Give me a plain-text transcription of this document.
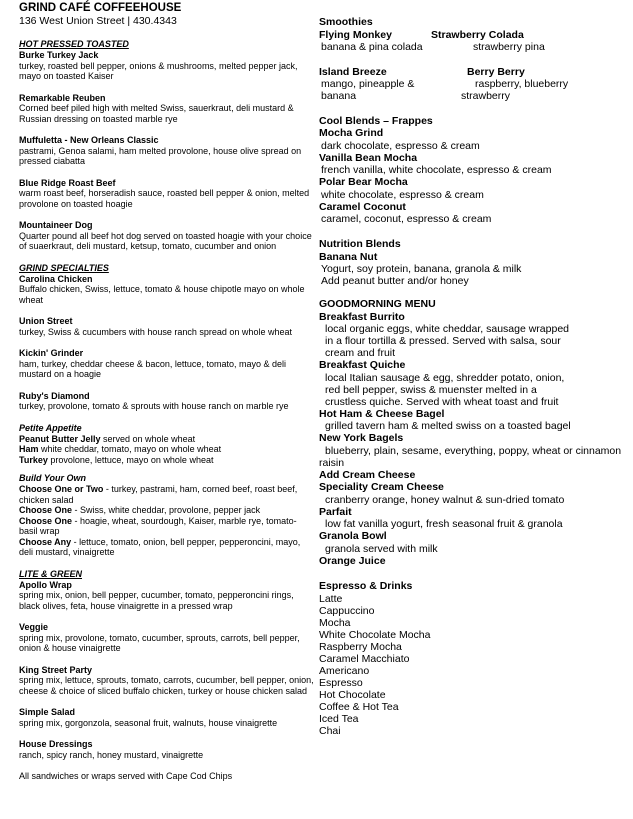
GRIND CAFÉ COFFEEHOUSE
136 West Union Street | 430.4343
HOT PRESSED TOASTED
Burke Turkey Jack
turkey, roasted bell pepper, onions & mushrooms, melted pepper jack, mayo on toasted Kaiser
Remarkable Reuben
Corned beef piled high with melted Swiss, sauerkraut, deli mustard & Russian dressing on toasted marble rye
Muffuletta - New Orleans Classic
pastrami, Genoa salami, ham melted provolone, house olive spread on pressed ciabatta
Blue Ridge Roast Beef
warm roast beef, horseradish sauce, roasted bell pepper & onion, melted provolone on toasted hoagie
Mountaineer Dog
Quarter pound all beef hot dog served on toasted hoagie with your choice of suaerkraut, deli mustard, ketsup, tomato, cucumber and onion
GRIND SPECIALTIES
Carolina Chicken
Buffalo chicken, Swiss, lettuce, tomato & house chipotle mayo on whole wheat
Union Street
turkey, Swiss & cucumbers with house ranch spread on whole wheat
Kickin' Grinder
ham, turkey, cheddar cheese & bacon, lettuce, tomato, mayo & deli mustard on a hoagie
Ruby's Diamond
turkey, provolone, tomato & sprouts with house ranch on marble rye
Petite Appetite
Peanut Butter Jelly served on whole wheat
Ham white cheddar, tomato, mayo on whole wheat
Turkey provolone, lettuce, mayo on whole wheat
Build Your Own
Choose One or Two - turkey, pastrami, ham, corned beef, roast beef, chicken salad
Choose One - Swiss, white cheddar, provolone, pepper jack
Choose One - hoagie, wheat, sourdough, Kaiser, marble rye, tomato-basil wrap
Choose Any - lettuce, tomato, onion, bell pepper, pepperoncini, mayo, deli mustard, vinaigrette
LITE & GREEN
Apollo Wrap
spring mix, onion, bell pepper, cucumber, tomato, pepperoncini rings, black olives, feta, house vinaigrette in a pressed wrap
Veggie
spring mix, provolone, tomato, cucumber, sprouts, carrots, bell pepper, onion & house vinaigrette
King Street Party
spring mix, lettuce, sprouts, tomato, carrots, cucumber, bell pepper, onion, cheese & choice of sliced buffalo chicken, turkey or house chicken salad
Simple Salad
spring mix, gorgonzola, seasonal fruit, walnuts, house vinaigrette
House Dressings
ranch, spicy ranch, honey mustard, vinaigrette
All sandwiches or wraps served with Cape Cod Chips
Smoothies
Flying Monkey
banana & pina colada
Strawberry Colada
strawberry pina
Island Breeze
mango, pineapple &
banana
Berry Berry
raspberry, blueberry
strawberry
Cool Blends – Frappes
Mocha Grind
dark chocolate, espresso & cream
Vanilla Bean Mocha
french vanilla, white chocolate, espresso & cream
Polar Bear Mocha
white chocolate, espresso & cream
Caramel Coconut
caramel, coconut, espresso & cream
Nutrition Blends
Banana Nut
Yogurt, soy protein, banana, granola & milk
Add peanut butter and/or honey
GOODMORNING MENU
Breakfast Burrito
local organic eggs, white cheddar, sausage wrapped
in a flour tortilla & pressed. Served with salsa, sour
cream and fruit
Breakfast Quiche
local Italian sausage & egg, shredder potato, onion,
red bell pepper, swiss & muenster melted in a
crustless quiche. Served with wheat toast and fruit
Hot Ham & Cheese Bagel
grilled tavern ham & melted swiss on a toasted bagel
New York Bagels
blueberry, plain, sesame, everything, poppy, wheat or cinnamon
raisin
Add Cream Cheese
Speciality Cream Cheese
cranberry orange, honey walnut & sun-dried tomato
Parfait
low fat vanilla yogurt, fresh seasonal fruit & granola
Granola Bowl
granola served with milk
Orange Juice
Espresso & Drinks
Latte
Cappuccino
Mocha
White Chocolate Mocha
Raspberry Mocha
Caramel Macchiato
Americano
Espresso
Hot Chocolate
Coffee & Hot Tea
Iced Tea
Chai
